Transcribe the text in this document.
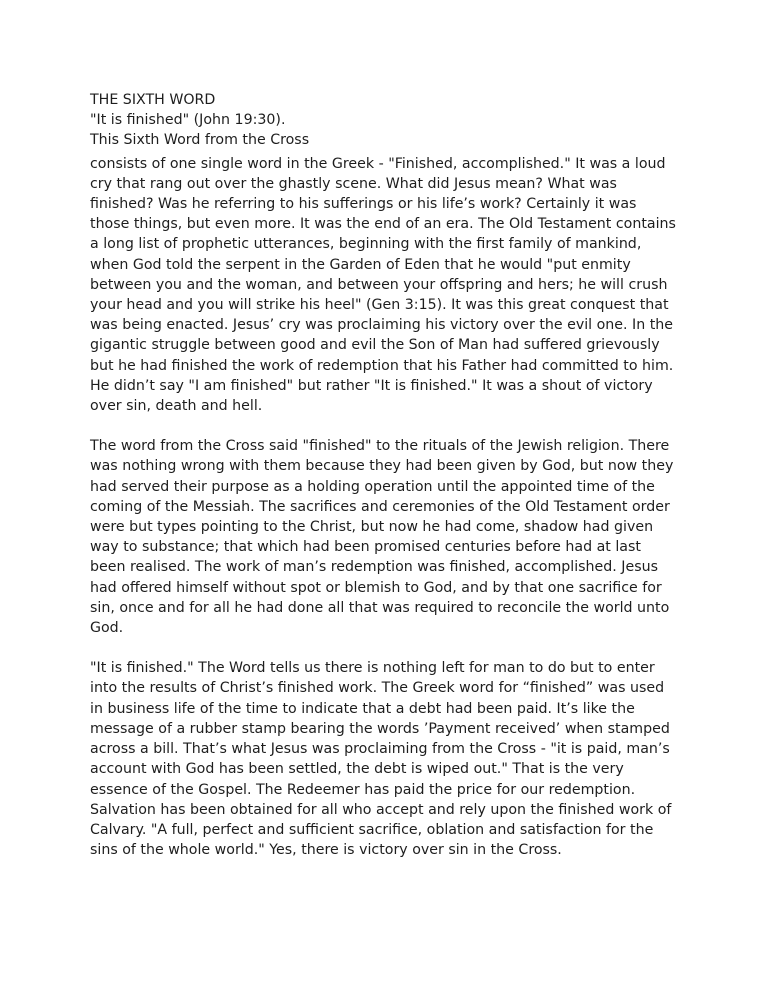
THE SIXTH WORD
"It is finished" (John 19:30).
This Sixth Word from the Cross

consists of one single word in the Greek - "Finished, accomplished." It was a loud cry that rang out over the ghastly scene. What did Jesus mean? What was finished? Was he referring to his sufferings or his life’s work? Certainly it was those things, but even more. It was the end of an era. The Old Testament contains a long list of prophetic utterances, beginning with the first family of mankind, when God told the serpent in the Garden of Eden that he would "put enmity between you and the woman, and between your offspring and hers; he will crush your head and you will strike his heel" (Gen 3:15). It was this great conquest that was being enacted. Jesus’ cry was proclaiming his victory over the evil one. In the gigantic struggle between good and evil the Son of Man had suffered grievously but he had finished the work of redemption that his Father had committed to him. He didn’t say "I am finished" but rather "It is finished." It was a shout of victory over sin, death and hell.

The word from the Cross said "finished" to the rituals of the Jewish religion. There was nothing wrong with them because they had been given by God, but now they had served their purpose as a holding operation until the appointed time of the coming of the Messiah. The sacrifices and ceremonies of the Old Testament order were but types pointing to the Christ, but now he had come, shadow had given way to substance; that which had been promised centuries before had at last been realised. The work of man’s redemption was finished, accomplished. Jesus had offered himself without spot or blemish to God, and by that one sacrifice for sin, once and for all he had done all that was required to reconcile the world unto God.

"It is finished." The Word tells us there is nothing left for man to do but to enter into the results of Christ’s finished work. The Greek word for “finished” was used in business life of the time to indicate that a debt had been paid. It’s like the message of a rubber stamp bearing the words ’Payment received’ when stamped across a bill. That’s what Jesus was proclaiming from the Cross - "it is paid, man’s account with God has been settled, the debt is wiped out." That is the very essence of the Gospel. The Redeemer has paid the price for our redemption. Salvation has been obtained for all who accept and rely upon the finished work of Calvary. "A full, perfect and sufficient sacrifice, oblation and satisfaction for the sins of the whole world." Yes, there is victory over sin in the Cross.
